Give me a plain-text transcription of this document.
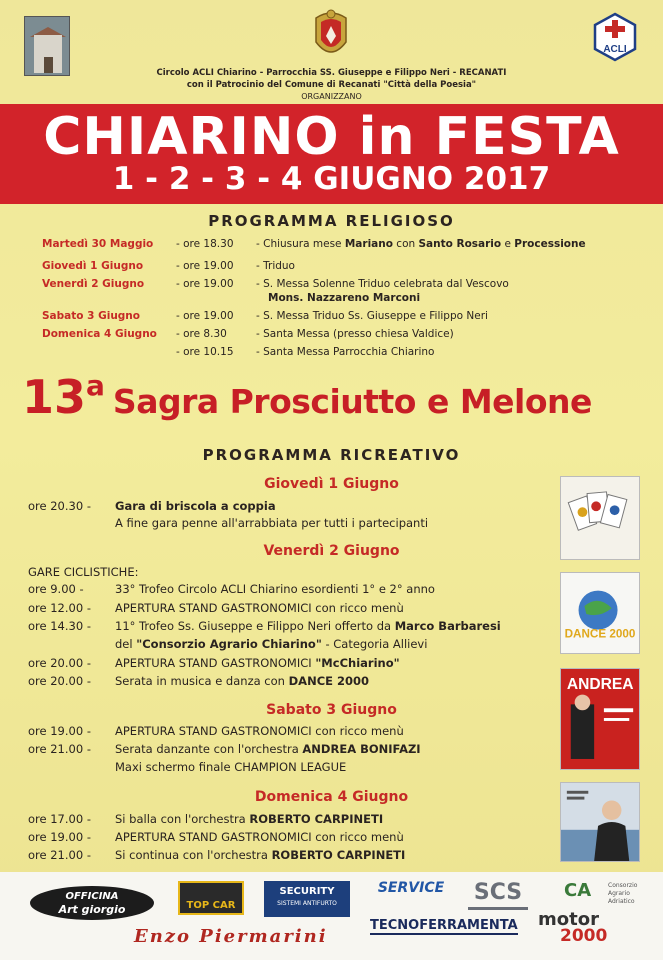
ACLI
Circolo ACLI Chiarino - Parrocchia SS. Giuseppe e Filippo Neri - RECANATI
con il Patrocinio del Comune di Recanati "Città della Poesia"
ORGANIZZANO
CHIARINO in FESTA
1 - 2 - 3 - 4 GIUGNO 2017
PROGRAMMA RELIGIOSO
Martedì 30 Maggio - ore 18.30 - Chiusura mese Mariano con Santo Rosario e Processione
Giovedì 1 Giugno	- ore 19.00 - Triduo
Venerdì 2 Giugno	- ore 19.00 - S. Messa Solenne Triduo celebrata dal Vescovo
Mons. Nazzareno Marconi
Sabato 3 Giugno	- ore 19.00 - S. Messa Triduo Ss. Giuseppe e Filippo Neri
Domenica 4 Giugno - ore 8.30	- Santa Messa (presso chiesa Valdice)
- ore 10.15 - Santa Messa Parrocchia Chiarino
13a Sagra Prosciutto e Melone
PROGRAMMA RICREATIVO
Giovedì 1 Giugno
ore 20.30 - Gara di briscola a coppia
A fine gara penne all'arrabbiata per tutti i partecipanti
Venerdì 2 Giugno
GARE CICLISTICHE:
ore 9.00 -	33° Trofeo Circolo ACLI Chiarino esordienti 1° e 2° anno
ore 12.00 - APERTURA STAND GASTRONOMICI con ricco menù
ore 14.30 - 11° Trofeo Ss. Giuseppe e Filippo Neri offerto da Marco Barbaresi
del "Consorzio Agrario Chiarino" - Categoria Allievi
ore 20.00 - APERTURA STAND GASTRONOMICI "McChiarino"
ore 20.00 - Serata in musica e danza con DANCE 2000
Sabato 3 Giugno
ore 19.00 - APERTURA STAND GASTRONOMICI con ricco menù
ore 21.00 - Serata danzante con l'orchestra ANDREA BONIFAZI
Maxi schermo finale CHAMPION LEAGUE
Domenica 4 Giugno
ore 17.00 - Si balla con l'orchestra ROBERTO CARPINETI
ore 19.00 - APERTURA STAND GASTRONOMICI con ricco menù
ore 21.00 - Si continua con l'orchestra ROBERTO CARPINETI
DANCE 2000
ANDREA
OFFICINA
Art giorgio	TOP CAR
SECURITY
SISTEMI ANTIFURTO
SERVICE SCS	CA	Consorzio Agrario Adriatico
Enzo Piermarini
TECNOFERRAMENTA motor
2000
